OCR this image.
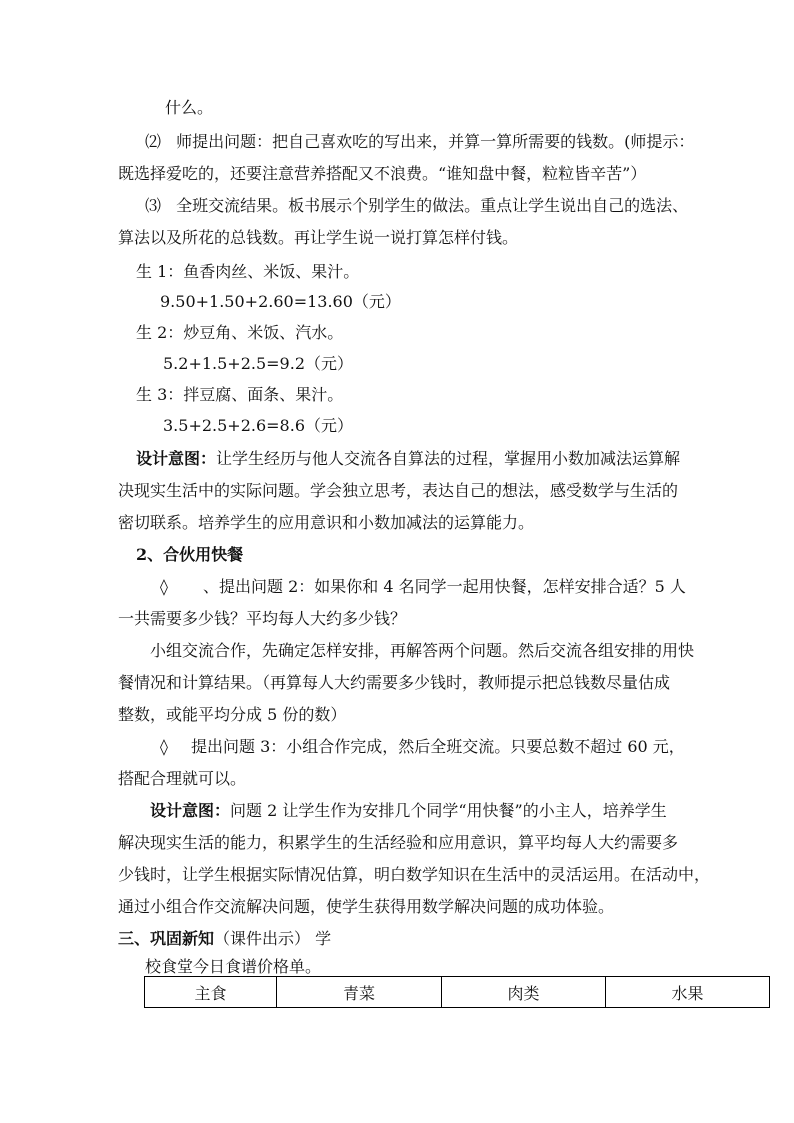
什么。
⑵ 师提出问题：把自己喜欢吃的写出来，并算一算所需要的钱数。(师提示：
既选择爱吃的，还要注意营养搭配又不浪费。“谁知盘中餐，粒粒皆辛苦”）
⑶ 全班交流结果。板书展示个别学生的做法。重点让学生说出自己的选法、
算法以及所花的总钱数。再让学生说一说打算怎样付钱。
生 1：鱼香肉丝、米饭、果汁。
9.50+1.50+2.60=13.60（元）
生 2：炒豆角、米饭、汽水。
5.2+1.5+2.5=9.2（元）
生 3：拌豆腐、面条、果汁。
3.5+2.5+2.6=8.6（元）
设计意图：让学生经历与他人交流各自算法的过程，掌握用小数加减法运算解
决现实生活中的实际问题。学会独立思考，表达自己的想法，感受数学与生活的
密切联系。培养学生的应用意识和小数加减法的运算能力。
2、合伙用快餐
◊ 、提出问题 2：如果你和 4 名同学一起用快餐，怎样安排合适？5 人
一共需要多少钱？平均每人大约多少钱？
小组交流合作，先确定怎样安排，再解答两个问题。然后交流各组安排的用快
餐情况和计算结果。（再算每人大约需要多少钱时，教师提示把总钱数尽量估成
整数，或能平均分成 5 份的数）
◊ 提出问题 3：小组合作完成，然后全班交流。只要总数不超过 60 元，
搭配合理就可以。
设计意图：问题 2 让学生作为安排几个同学“用快餐”的小主人，培养学生
解决现实生活的能力，积累学生的生活经验和应用意识，算平均每人大约需要多
少钱时，让学生根据实际情况估算，明白数学知识在生活中的灵活运用。在活动中，
通过小组合作交流解决问题，使学生获得用数学解决问题的成功体验。
三、巩固新知（课件出示） 学
校食堂今日食谱价格单。
主食	青菜	肉类	水果
